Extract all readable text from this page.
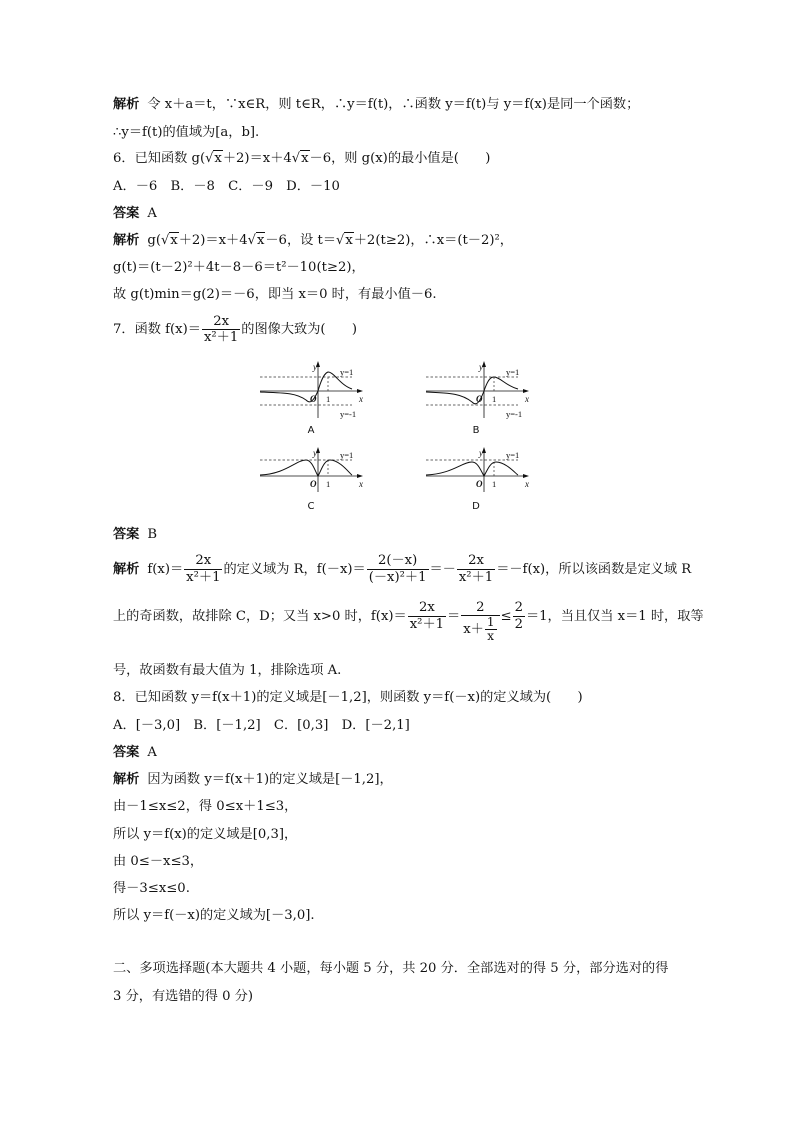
解析 令 x＋a＝t，∵x∈R，则 t∈R，∴y＝f(t)，∴函数 y＝f(t)与 y＝f(x)是同一个函数；
∴y＝f(t)的值域为[a，b].
6．已知函数 g(√x＋2)＝x＋4√x－6，则 g(x)的最小值是(　　)
A．－6　B．－8　C．－9　D．－10
答案 A
解析 g(√x＋2)＝x＋4√x－6，设 t＝√x＋2(t≥2)，∴x＝(t－2)²，
g(t)＝(t－2)²＋4t－8－6＝t²－10(t≥2)，
故 g(t)min＝g(2)＝－6，即当 x＝0 时，有最小值－6.
7．函数 $f(x)= \frac{2x}{\text{x²＋1}}$ 的图像大致为(　　)
y
x
O 1
y=1
y=-1
A
y
x
O 1
y=1
y=-1
B
y
x
O 1
y=1
C
y
x
O 1
y=1
D
答案 B
解析 $f(x)= \frac{2x}{\text{x²＋1}}$ 的定义域为 R，$f(-x)= \frac{2(-x)}{\text{(－x)²＋1}} =- \frac{2x}{\text{x²＋1}} =-f(x)$，所以该函数是定义域 R
上的奇函数，故排除 C，D；又当 x>0 时，$f(x)= \frac{2x}{\text{x²＋1}} = \frac{2}{x+ \frac{1}{x}} \le \frac{2}{2} =1$，当且仅当 x＝1 时，取等
号，故函数有最大值为 1，排除选项 A.
8．已知函数 y＝f(x＋1)的定义域是[－1,2]，则函数 y＝f(－x)的定义域为(　　)
A．[－3,0]　B．[－1,2]　C．[0,3]　D．[－2,1]
答案 A
解析 因为函数 y＝f(x＋1)的定义域是[－1,2]，
由－1≤x≤2，得 0≤x＋1≤3，
所以 y＝f(x)的定义域是[0,3]，
由 0≤－x≤3，
得－3≤x≤0.
所以 y＝f(－x)的定义域为[－3,0].
二、多项选择题(本大题共 4 小题，每小题 5 分，共 20 分．全部选对的得 5 分，部分选对的得
3 分，有选错的得 0 分)
